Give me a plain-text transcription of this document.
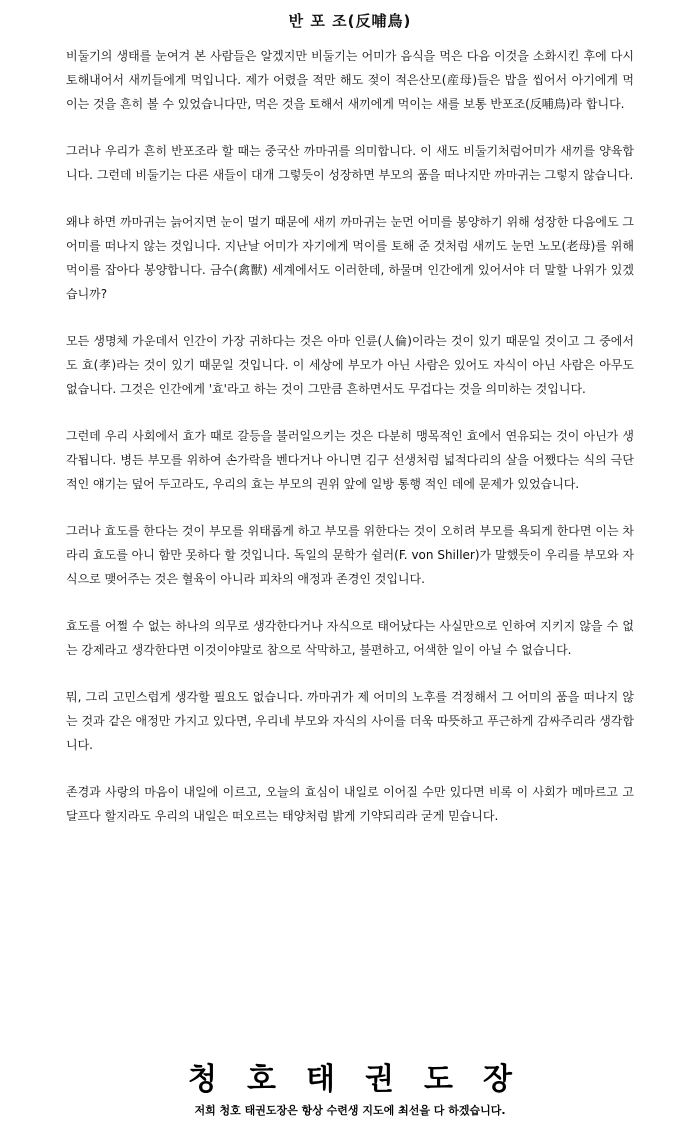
반 포 조(反哺鳥)

비둘기의 생태를 눈여겨 본 사람들은 알겠지만 비둘기는 어미가 음식을 먹은 다음 이것을 소화시킨 후에 다시 토해내어서 새끼들에게 먹입니다. 제가 어렸을 적만 해도 젖이 적은산모(産母)들은 밥을 씹어서 아기에게 먹이는 것을 흔히 볼 수 있었습니다만, 먹은 것을 토해서 새끼에게 먹이는 새를 보통 반포조(反哺鳥)라 합니다.

그러나 우리가 흔히 반포조라 할 때는 중국산 까마귀를 의미합니다. 이 새도 비둘기처럼어미가 새끼를 양육합니다. 그런데 비둘기는 다른 새들이 대개 그렇듯이 성장하면 부모의 품을 떠나지만 까마귀는 그렇지 않습니다.

왜냐 하면 까마귀는 늙어지면 눈이 멀기 때문에 새끼 까마귀는 눈먼 어미를 봉양하기 위해 성장한 다음에도 그 어미를 떠나지 않는 것입니다. 지난날 어미가 자기에게 먹이를 토해 준 것처럼 새끼도 눈먼 노모(老母)를 위해 먹이를 잡아다 봉양합니다. 금수(禽獸) 세계에서도 이러한데, 하물며 인간에게 있어서야 더 말할 나위가 있겠습니까?

모든 생명체 가운데서 인간이 가장 귀하다는 것은 아마 인륜(人倫)이라는 것이 있기 때문일 것이고 그 중에서도 효(孝)라는 것이 있기 때문일 것입니다. 이 세상에 부모가 아닌 사람은 있어도 자식이 아닌 사람은 아무도 없습니다. 그것은 인간에게 '효'라고 하는 것이 그만큼 흔하면서도 무겁다는 것을 의미하는 것입니다.

그런데 우리 사회에서 효가 때로 갈등을 불러일으키는 것은 다분히 맹목적인 효에서 연유되는 것이 아닌가 생각됩니다. 병든 부모를 위하여 손가락을 벤다거나 아니면 김구 선생처럼 넓적다리의 살을 어쨌다는 식의 극단적인 얘기는 덮어 두고라도, 우리의 효는 부모의 권위 앞에 일방 통행 적인 데에 문제가 있었습니다.

그러나 효도를 한다는 것이 부모를 위태롭게 하고 부모를 위한다는 것이 오히려 부모를 욕되게 한다면 이는 차라리 효도를 아니 함만 못하다 할 것입니다. 독일의 문학가 쉴러(F. von Shiller)가 말했듯이 우리를 부모와 자식으로 맺어주는 것은 혈육이 아니라 피차의 애정과 존경인 것입니다.

효도를 어쩔 수 없는 하나의 의무로 생각한다거나 자식으로 태어났다는 사실만으로 인하여 지키지 않을 수 없는 강제라고 생각한다면 이것이야말로 참으로 삭막하고, 불편하고, 어색한 일이 아닐 수 없습니다.

뭐, 그리 고민스럽게 생각할 필요도 없습니다. 까마귀가 제 어미의 노후를 걱정해서 그 어미의 품을 떠나지 않는 것과 같은 애정만 가지고 있다면, 우리네 부모와 자식의 사이를 더욱 따뜻하고 푸근하게 감싸주리라 생각합니다.

존경과 사랑의 마음이 내일에 이르고, 오늘의 효심이 내일로 이어질 수만 있다면 비록 이 사회가 메마르고 고달프다 할지라도 우리의 내일은 떠오르는 태양처럼 밝게 기약되리라 굳게 믿습니다.

청호태권도장
저희 청호 태권도장은 항상 수련생 지도에 최선을 다 하겠습니다.
